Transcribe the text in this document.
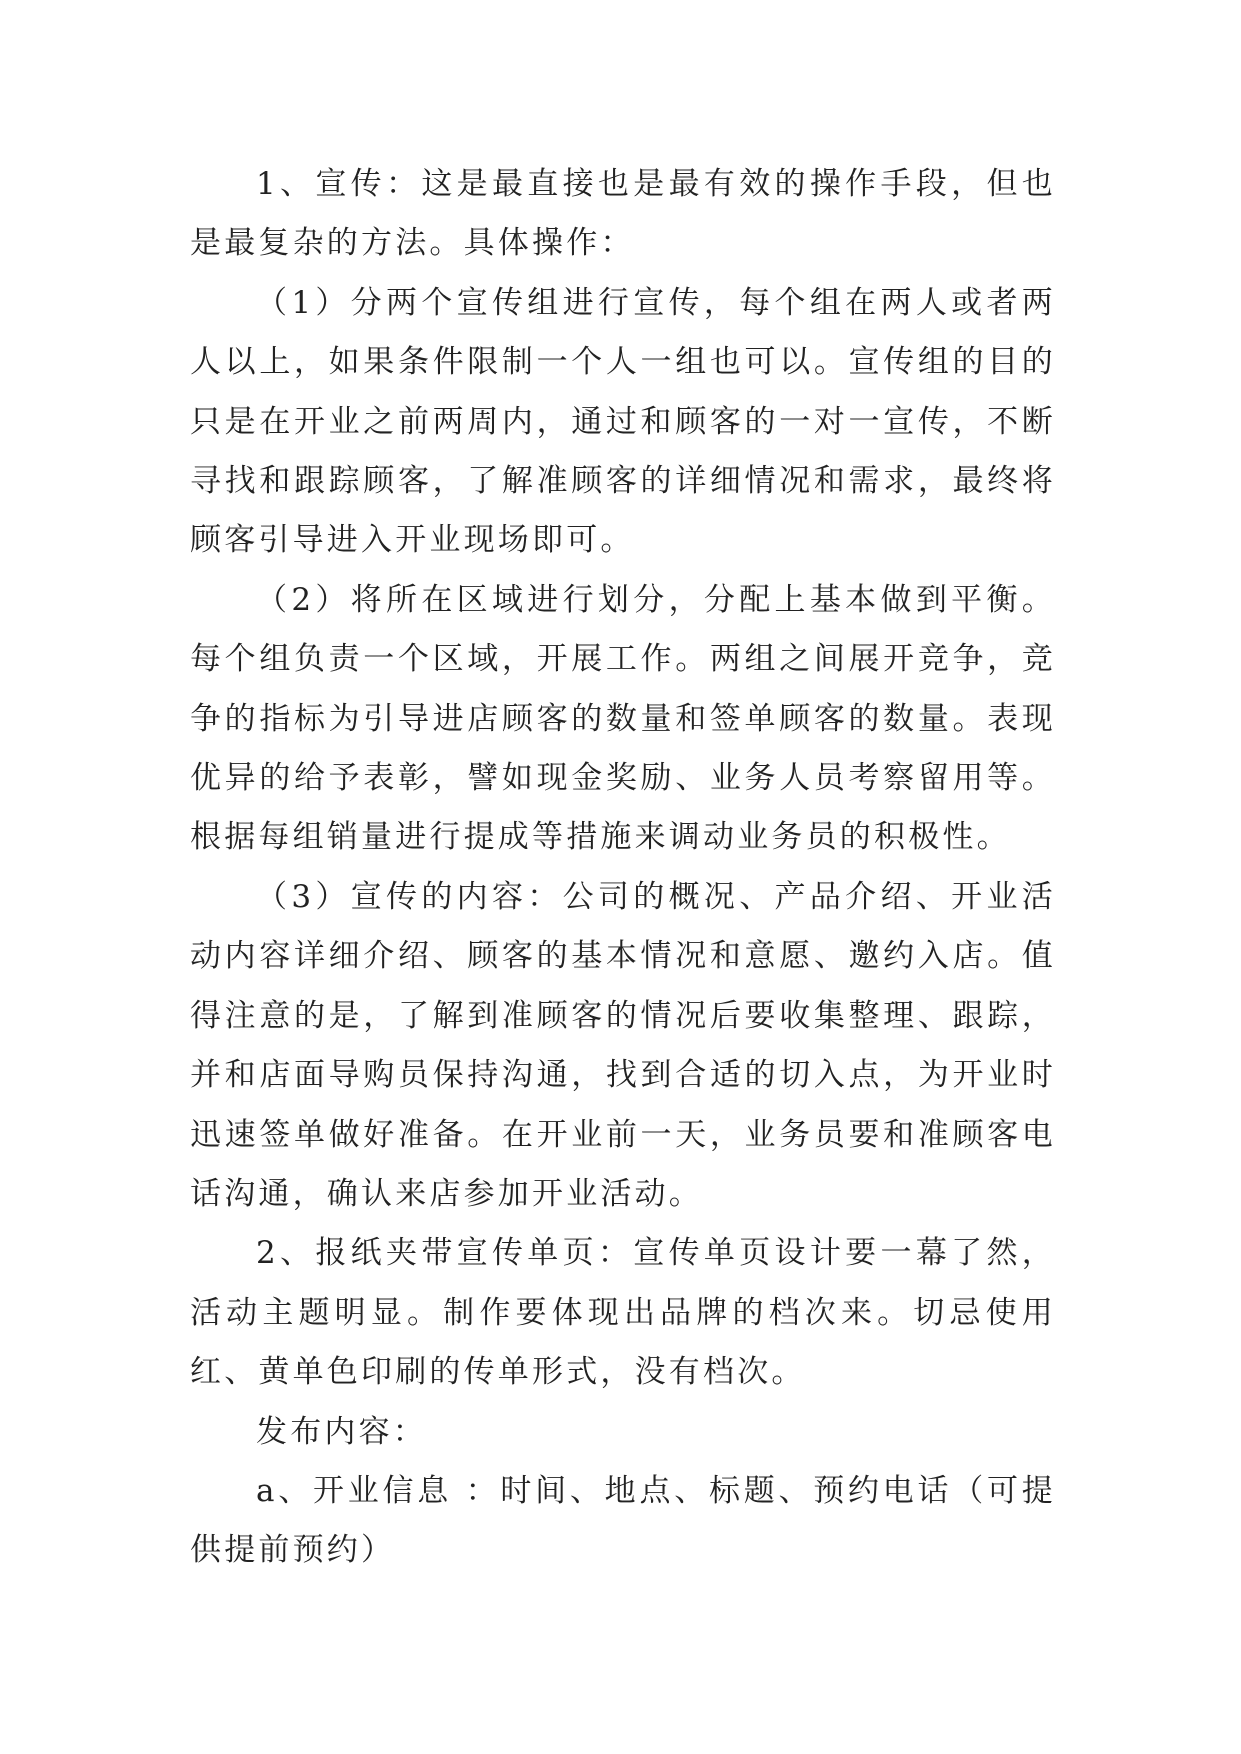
1、宣传：这是最直接也是最有效的操作手段，但也是最复杂的方法。具体操作：

（1）分两个宣传组进行宣传，每个组在两人或者两人以上，如果条件限制一个人一组也可以。宣传组的目的只是在开业之前两周内，通过和顾客的一对一宣传，不断寻找和跟踪顾客，了解准顾客的详细情况和需求，最终将顾客引导进入开业现场即可。

（2）将所在区域进行划分，分配上基本做到平衡。每个组负责一个区域，开展工作。两组之间展开竞争，竞争的指标为引导进店顾客的数量和签单顾客的数量。表现优异的给予表彰，譬如现金奖励、业务人员考察留用等。根据每组销量进行提成等措施来调动业务员的积极性。

（3）宣传的内容：公司的概况、产品介绍、开业活动内容详细介绍、顾客的基本情况和意愿、邀约入店。值得注意的是，了解到准顾客的情况后要收集整理、跟踪，并和店面导购员保持沟通，找到合适的切入点，为开业时迅速签单做好准备。在开业前一天，业务员要和准顾客电话沟通，确认来店参加开业活动。

2、报纸夹带宣传单页：宣传单页设计要一幕了然，活动主题明显。制作要体现出品牌的档次来。切忌使用红、黄单色印刷的传单形式，没有档次。

发布内容：

a、开业信息 ：时间、地点、标题、预约电话（可提供提前预约）
